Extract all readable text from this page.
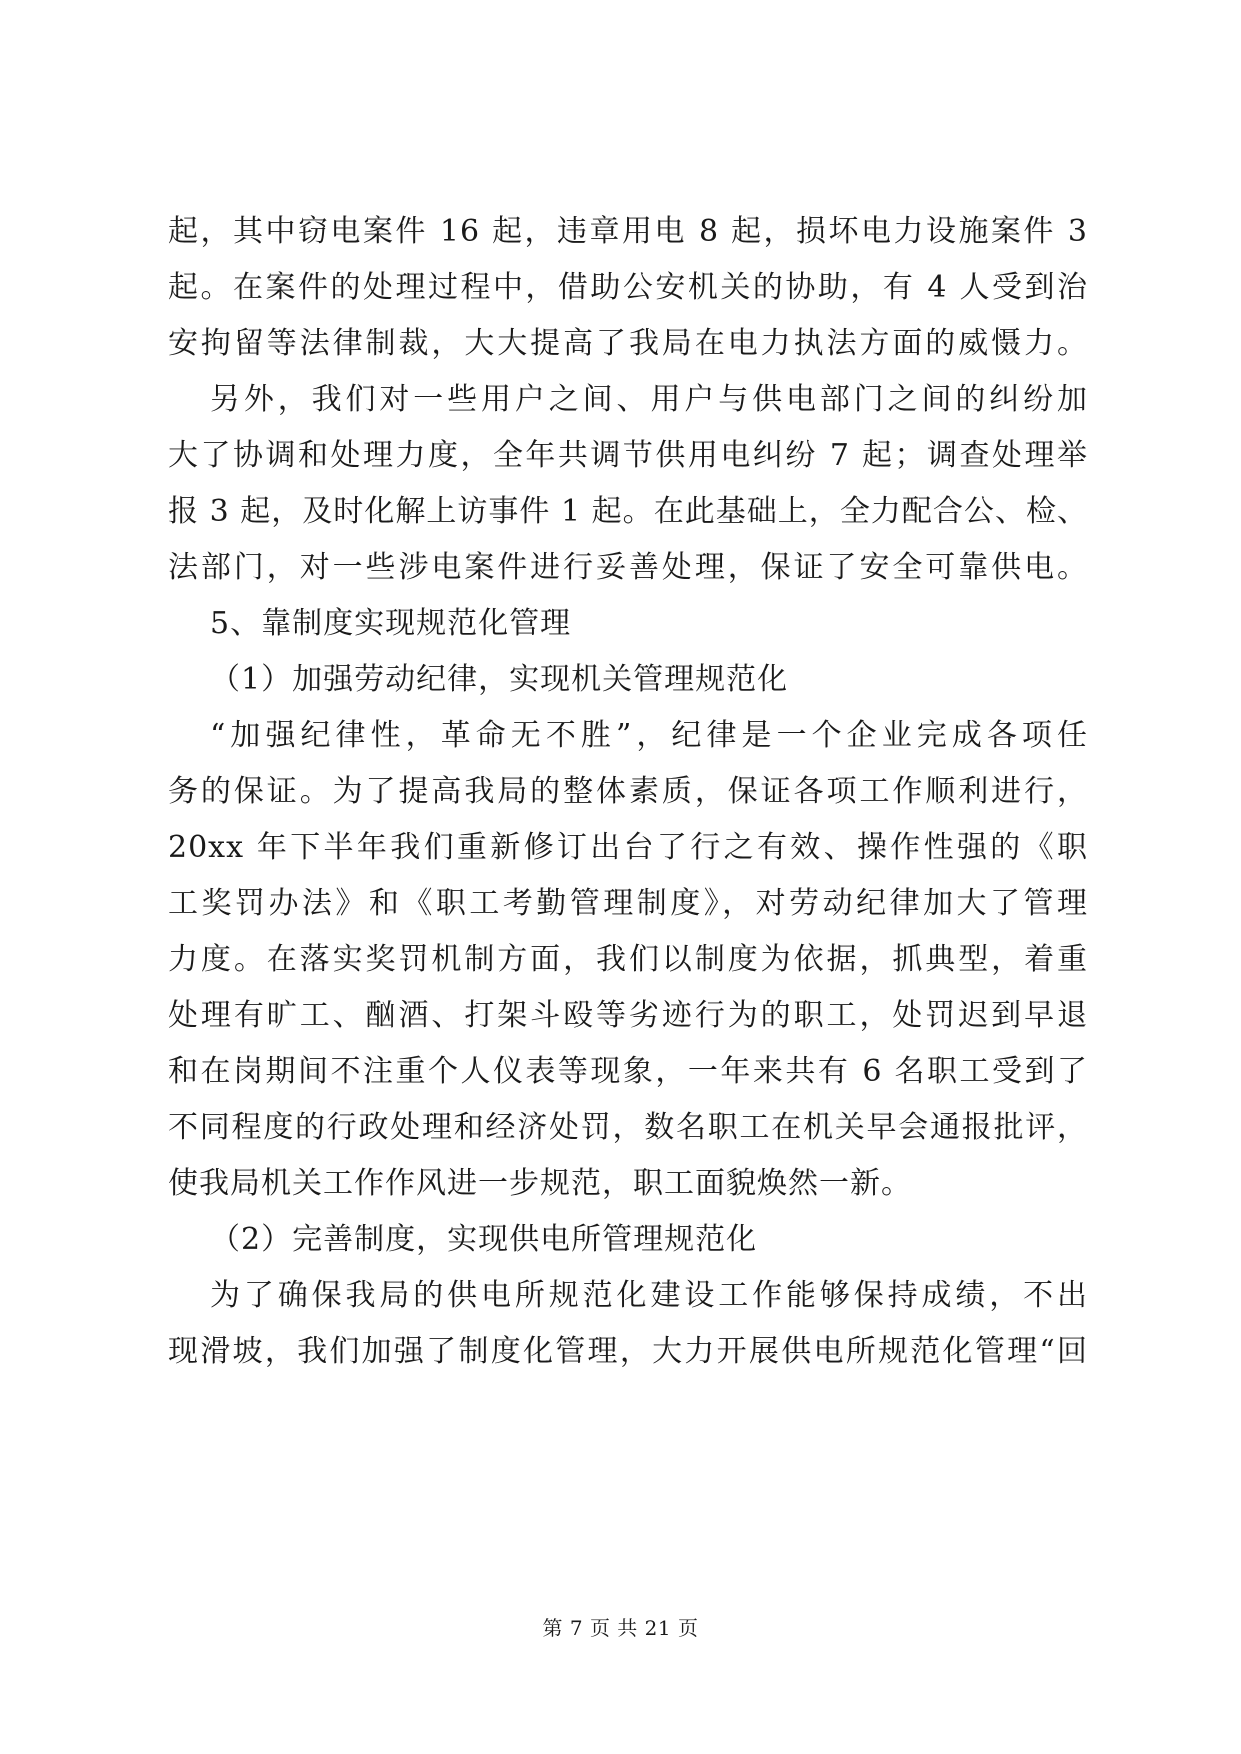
起，其中窃电案件 16 起，违章用电 8 起，损坏电力设施案件 3
起。在案件的处理过程中，借助公安机关的协助，有 4 人受到治
安拘留等法律制裁，大大提高了我局在电力执法方面的威慑力。
另外，我们对一些用户之间、用户与供电部门之间的纠纷加
大了协调和处理力度，全年共调节供用电纠纷 7 起；调查处理举
报 3 起，及时化解上访事件 1 起。在此基础上，全力配合公、检、
法部门，对一些涉电案件进行妥善处理，保证了安全可靠供电。
5、靠制度实现规范化管理
（1）加强劳动纪律，实现机关管理规范化
“加强纪律性，革命无不胜”，纪律是一个企业完成各项任
务的保证。为了提高我局的整体素质，保证各项工作顺利进行，
20xx 年下半年我们重新修订出台了行之有效、操作性强的《职
工奖罚办法》和《职工考勤管理制度》，对劳动纪律加大了管理
力度。在落实奖罚机制方面，我们以制度为依据，抓典型，着重
处理有旷工、酗酒、打架斗殴等劣迹行为的职工，处罚迟到早退
和在岗期间不注重个人仪表等现象，一年来共有 6 名职工受到了
不同程度的行政处理和经济处罚，数名职工在机关早会通报批评，
使我局机关工作作风进一步规范，职工面貌焕然一新。
（2）完善制度，实现供电所管理规范化
为了确保我局的供电所规范化建设工作能够保持成绩，不出
现滑坡，我们加强了制度化管理，大力开展供电所规范化管理“回
第 7 页 共 21 页
